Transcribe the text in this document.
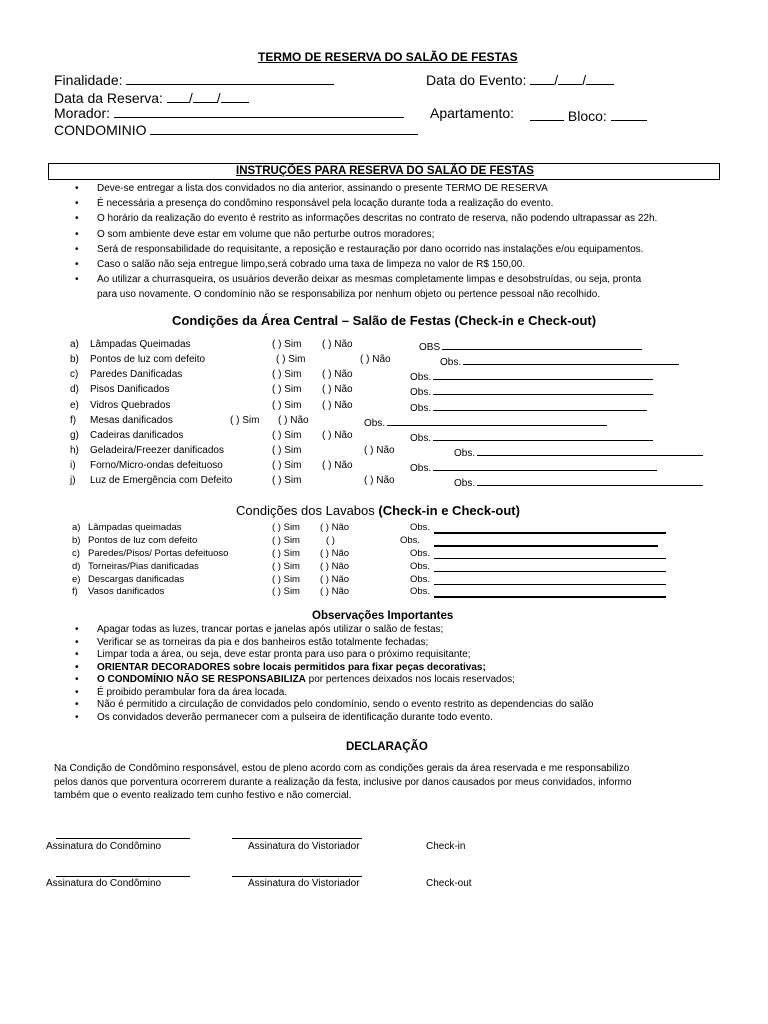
TERMO DE RESERVA DO SALÃO DE FESTAS
Finalidade:	Data do Evento: / /
Data da Reserva: / /
Morador:	Apartamento:	Bloco:
CONDOMINIO
INSTRUÇÕES PARA RESERVA DO SALÃO DE FESTAS
• Deve-se entregar a lista dos convidados no dia anterior, assinando o presente TERMO DE RESERVA
• É necessária a presença do condômino responsável pela locação durante toda a realização do evento.
• O horário da realização do evento é restrito as informações descritas no contrato de reserva, não podendo ultrapassar as 22h.
• O som ambiente deve estar em volume que não perturbe outros moradores;
• Será de responsabilidade do requisitante, a reposição e restauração por dano ocorrido nas instalações e/ou equipamentos.
• Caso o salão não seja entregue limpo,será cobrado uma taxa de limpeza no valor de R$ 150,00.
• Ao utilizar a churrasqueira, os usuários deverão deixar as mesmas completamente limpas e desobstruídas, ou seja, pronta
para uso novamente. O condomínio não se responsabiliza por nenhum objeto ou pertence pessoal não recolhido.
Condições da Área Central – Salão de Festas (Check-in e Check-out)
a) Lâmpadas Queimadas	( ) Sim ( ) Não	OBS
b) Pontos de luz com defeito	( ) Sim	( ) Não	Obs.
c) Paredes Danificadas	( ) Sim ( ) Não	Obs.
d) Pisos Danificados	( ) Sim ( ) Não	Obs.
e) Vidros Quebrados	( ) Sim ( ) Não	Obs.
f) Mesas danificados	( ) Sim ( ) Não	Obs.
g) Cadeiras danificados	( ) Sim ( ) Não	Obs.
h) Geladeira/Freezer danificados	( ) Sim	( ) Não	Obs.
i) Forno/Micro-ondas defeituoso	( ) Sim ( ) Não	Obs.
j) Luz de Emergência com Defeito	( ) Sim	( ) Não	Obs.
Condições dos Lavabos (Check-in e Check-out)
a) Lâmpadas queimadas	( ) Sim ( ) Não	Obs.
b) Pontos de luz com defeito	( ) Sim	( )	Obs.
c) Paredes/Pisos/ Portas defeituoso	( ) Sim ( ) Não	Obs.
d) Torneiras/Pias danificadas	( ) Sim ( ) Não	Obs.
e) Descargas danificadas	( ) Sim ( ) Não	Obs.
f) Vasos danificados	( ) Sim ( ) Não	Obs.
Observações Importantes
• Apagar todas as luzes, trancar portas e janelas após utilizar o salão de festas;
• Verificar se as torneiras da pia e dos banheiros estão totalmente fechadas;
• Limpar toda a área, ou seja, deve estar pronta para uso para o próximo requisitante;
• ORIENTAR DECORADORES sobre locais permitidos para fixar peças decorativas;
• O CONDOMÍNIO NÃO SE RESPONSABILIZA por pertences deixados nos locais reservados;
• É proibido perambular fora da área locada.
• Não é permitido a circulação de convidados pelo condomínio, sendo o evento restrito as dependencias do salão
• Os convidados deverão permanecer com a pulseira de identificação durante todo evento.
DECLARAÇÃO
Na Condição de Condômino responsável, estou de pleno acordo com as condições gerais da área reservada e me responsabilizo
pelos danos que porventura ocorrerem durante a realização da festa, inclusive por danos causados por meus convidados, informo
também que o evento realizado tem cunho festivo e não comercial.
Assinatura do Condômino	Assinatura do Vistoriador	Check-in
Assinatura do Condômino	Assinatura do Vistoriador	Check-out
